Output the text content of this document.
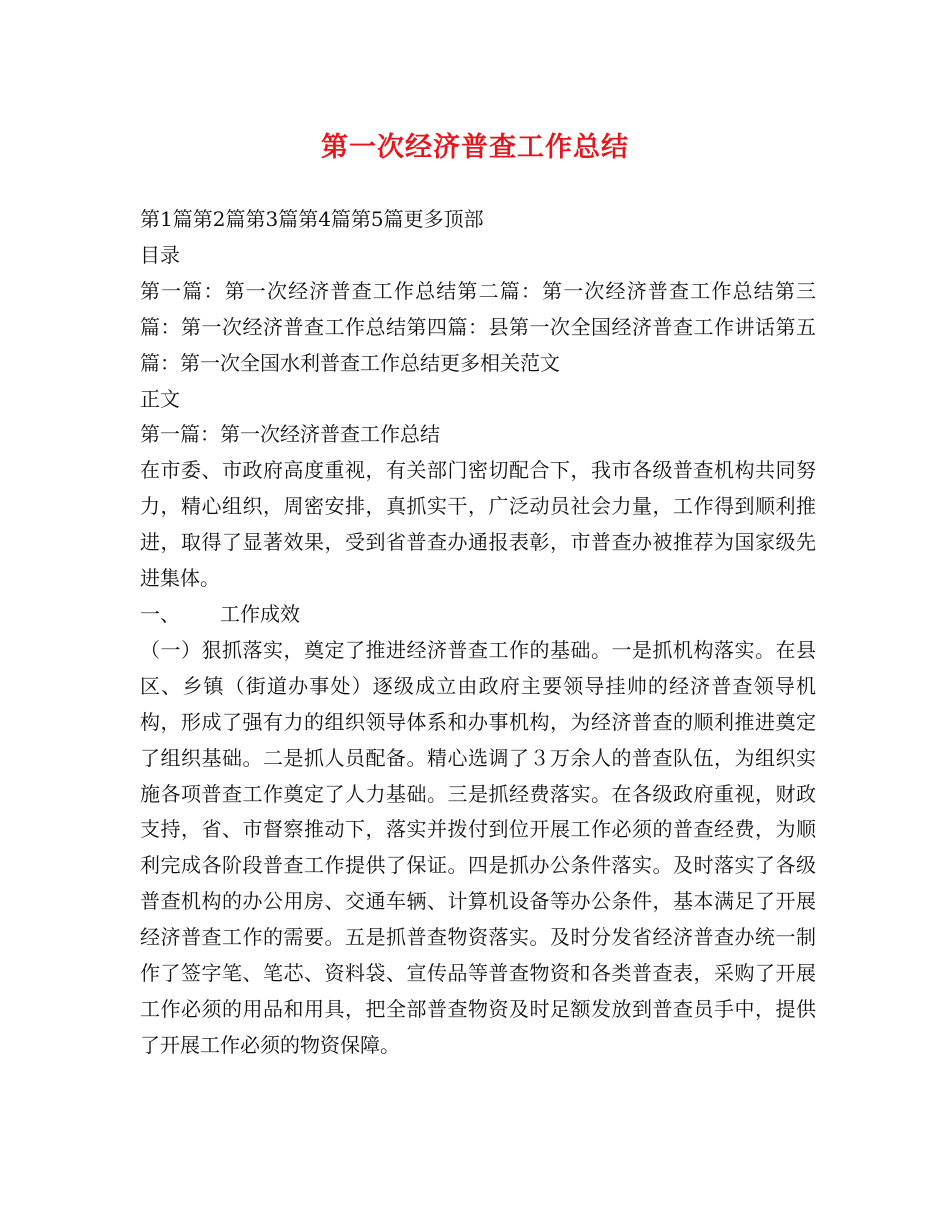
第一次经济普查工作总结

第1篇第2篇第3篇第4篇第5篇更多顶部

目录

第一篇：第一次经济普查工作总结第二篇：第一次经济普查工作总结第三篇：第一次经济普查工作总结第四篇：县第一次全国经济普查工作讲话第五篇：第一次全国水利普查工作总结更多相关范文

正文

第一篇：第一次经济普查工作总结

在市委、市政府高度重视，有关部门密切配合下，我市各级普查机构共同努力，精心组织，周密安排，真抓实干，广泛动员社会力量，工作得到顺利推进，取得了显著效果，受到省普查办通报表彰，市普查办被推荐为国家级先进集体。

一、 工作成效

（一）狠抓落实，奠定了推进经济普查工作的基础。一是抓机构落实。在县区、乡镇（街道办事处）逐级成立由政府主要领导挂帅的经济普查领导机构，形成了强有力的组织领导体系和办事机构，为经济普查的顺利推进奠定了组织基础。二是抓人员配备。精心选调了３万余人的普查队伍，为组织实施各项普查工作奠定了人力基础。三是抓经费落实。在各级政府重视，财政支持，省、市督察推动下，落实并拨付到位开展工作必须的普查经费，为顺利完成各阶段普查工作提供了保证。四是抓办公条件落实。及时落实了各级普查机构的办公用房、交通车辆、计算机设备等办公条件，基本满足了开展经济普查工作的需要。五是抓普查物资落实。及时分发省经济普查办统一制作了签字笔、笔芯、资料袋、宣传品等普查物资和各类普查表，采购了开展工作必须的用品和用具，把全部普查物资及时足额发放到普查员手中，提供了开展工作必须的物资保障。
